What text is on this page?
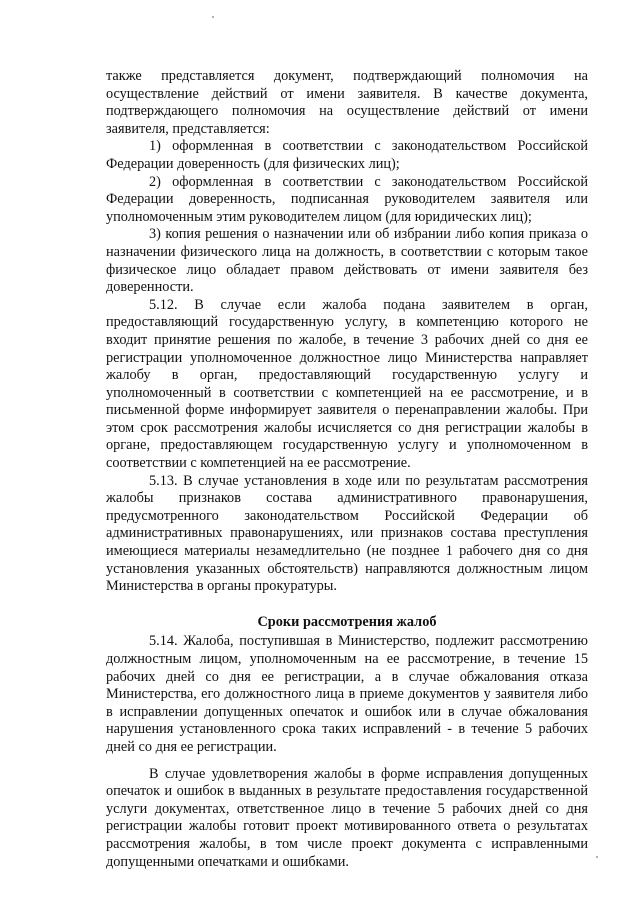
также представляется документ, подтверждающий полномочия на осуществление действий от имени заявителя. В качестве документа, подтверждающего полномочия на осуществление действий от имени заявителя, представляется:

1) оформленная в соответствии с законодательством Российской Федерации доверенность (для физических лиц);

2) оформленная в соответствии с законодательством Российской Федерации доверенность, подписанная руководителем заявителя или уполномоченным этим руководителем лицом (для юридических лиц);

3) копия решения о назначении или об избрании либо копия приказа о назначении физического лица на должность, в соответствии с которым такое физическое лицо обладает правом действовать от имени заявителя без доверенности.

5.12. В случае если жалоба подана заявителем в орган, предоставляющий государственную услугу, в компетенцию которого не входит принятие решения по жалобе, в течение 3 рабочих дней со дня ее регистрации уполномоченное должностное лицо Министерства направляет жалобу в орган, предоставляющий государственную услугу и уполномоченный в соответствии с компетенцией на ее рассмотрение, и в письменной форме информирует заявителя о перенаправлении жалобы. При этом срок рассмотрения жалобы исчисляется со дня регистрации жалобы в органе, предоставляющем государственную услугу и уполномоченном в соответствии с компетенцией на ее рассмотрение.

5.13. В случае установления в ходе или по результатам рассмотрения жалобы признаков состава административного правонарушения, предусмотренного законодательством Российской Федерации об административных правонарушениях, или признаков состава преступления имеющиеся материалы незамедлительно (не позднее 1 рабочего дня со дня установления указанных обстоятельств) направляются должностным лицом Министерства в органы прокуратуры.

Сроки рассмотрения жалоб

5.14. Жалоба, поступившая в Министерство, подлежит рассмотрению должностным лицом, уполномоченным на ее рассмотрение, в течение 15 рабочих дней со дня ее регистрации, а в случае обжалования отказа Министерства, его должностного лица в приеме документов у заявителя либо в исправлении допущенных опечаток и ошибок или в случае обжалования нарушения установленного срока таких исправлений - в течение 5 рабочих дней со дня ее регистрации.

В случае удовлетворения жалобы в форме исправления допущенных опечаток и ошибок в выданных в результате предоставления государственной услуги документах, ответственное лицо в течение 5 рабочих дней со дня регистрации жалобы готовит проект мотивированного ответа о результатах рассмотрения жалобы, в том числе проект документа с исправленными допущенными опечатками и ошибками.
